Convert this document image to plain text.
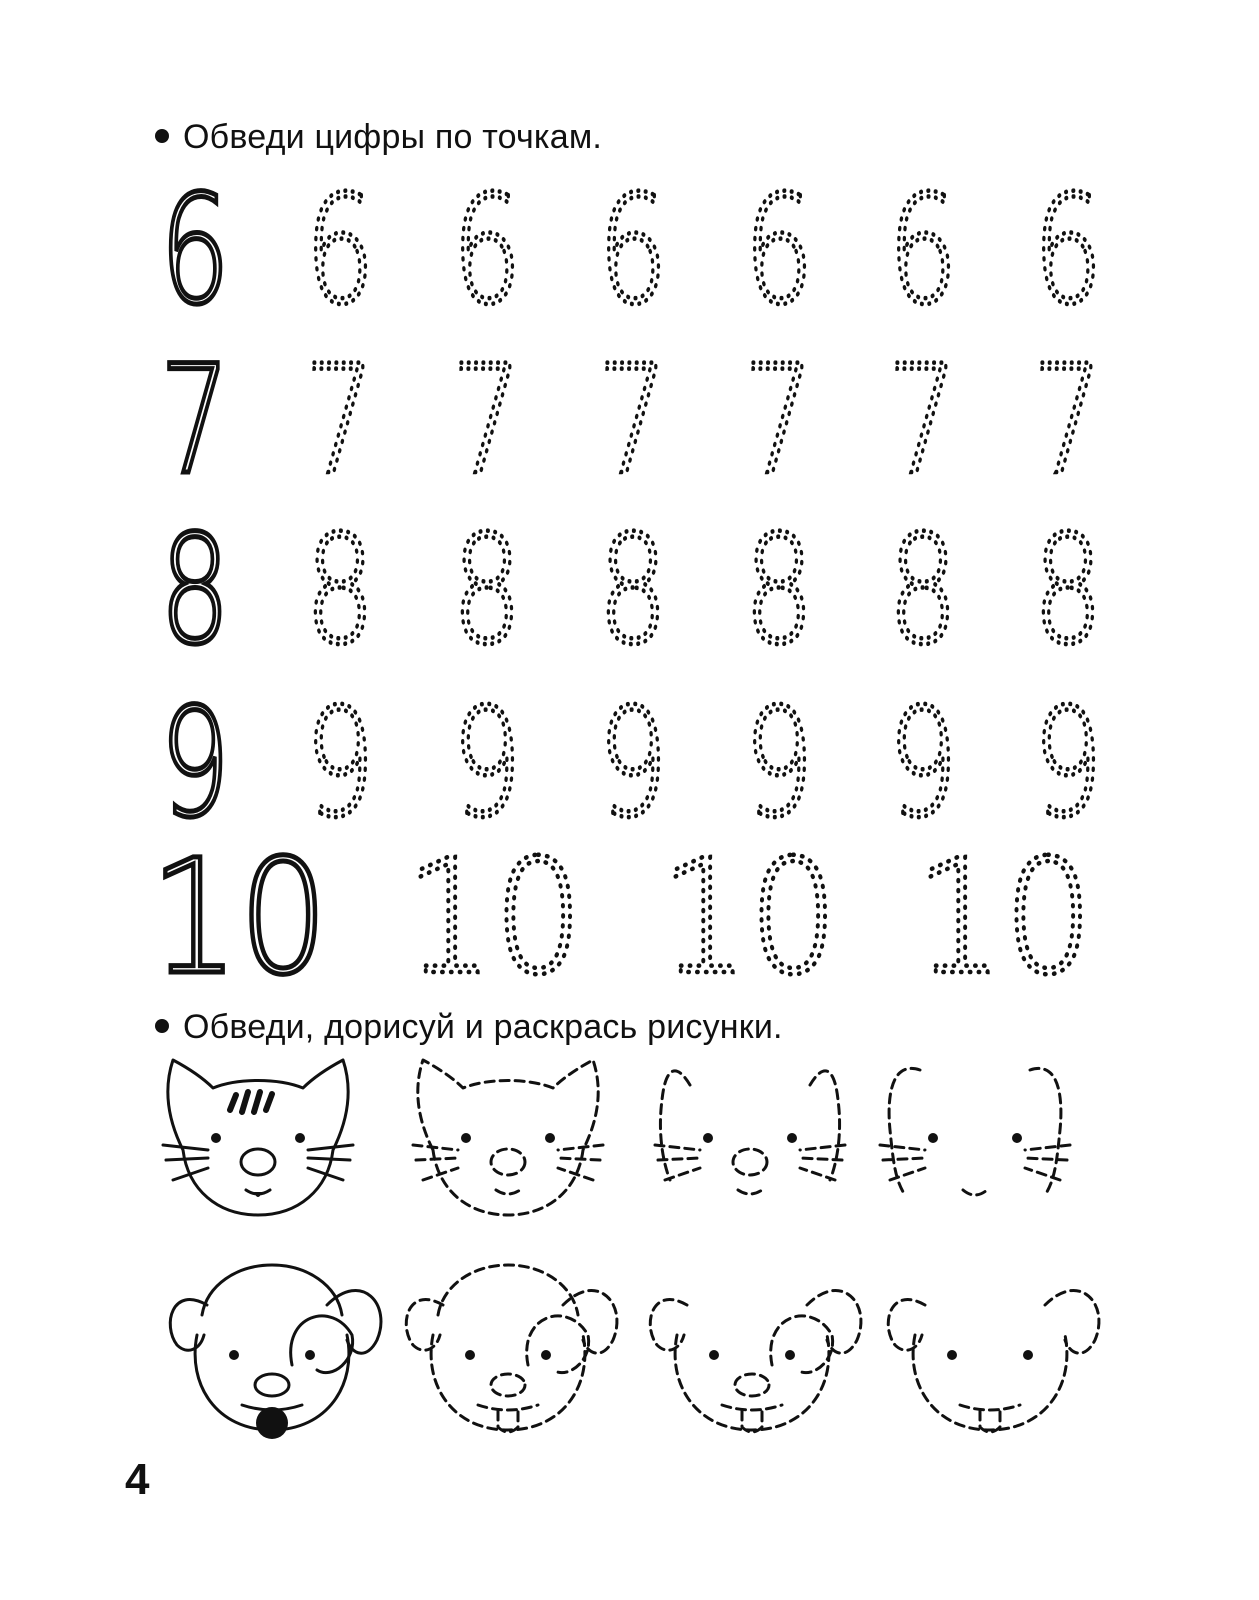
Обведи цифры по точкам.
6 6 6 6 6 6 6
7 7 7 7 7 7 7
8 8 8 8 8 8 8
9 9 9 9 9 9 9
10 10 10 10
Обведи, дорисуй и раскрась рисунки.
4
